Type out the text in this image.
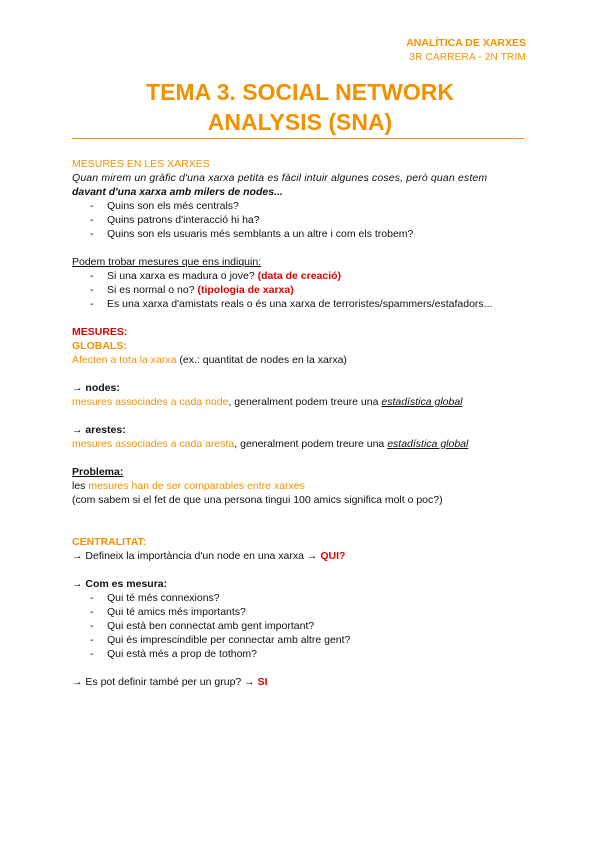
ANALÍTICA DE XARXES
3R CARRERA - 2N TRIM
TEMA 3. SOCIAL NETWORK
ANALYSIS (SNA)
MESURES EN LES XARXES
Quan mirem un gràfic d'una xarxa petita es fàcil intuir algunes coses, però quan estem
davant d'una xarxa amb milers de nodes...
- Quins son els més centrals?
- Quins patrons d'interacció hi ha?
- Quins son els usuaris més semblants a un altre i com els trobem?
Podem trobar mesures que ens indiquin:
- Si una xarxa es madura o jove? (data de creació)
- Si es normal o no? (tipologia de xarxa)
- Es una xarxa d'amistats reals o és una xarxa de terroristes/spammers/estafadors...
MESURES:
GLOBALS:
Afecten a tota la xarxa (ex.: quantitat de nodes en la xarxa)
→ nodes:
mesures associades a cada node, generalment podem treure una estadística global
→ arestes:
mesures associades a cada aresta, generalment podem treure una estadística global
Problema:
les mesures han de ser comparables entre xarxes
(com sabem si el fet de que una persona tingui 100 amics significa molt o poc?)
CENTRALITAT:
→ Defineix la importància d'un node en una xarxa → QUI?
→ Com es mesura:
- Qui té més connexions?
- Qui té amics més importants?
- Qui està ben connectat amb gent important?
- Qui és imprescindible per connectar amb altre gent?
- Qui està més a prop de tothom?
→ Es pot definir també per un grup? → SI
